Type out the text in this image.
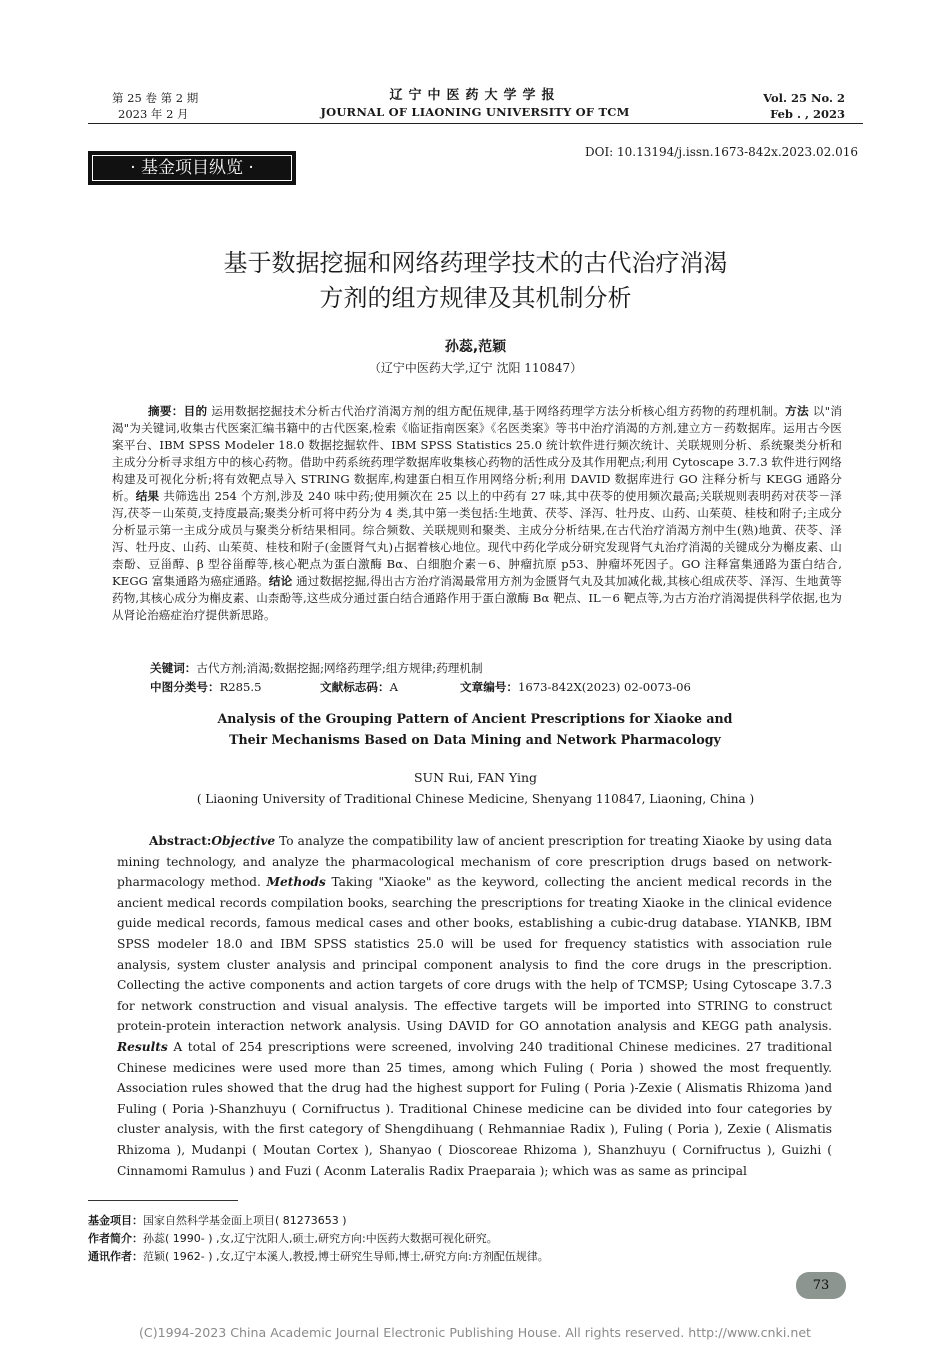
第 25 卷 第 2 期
2023 年 2 月
辽宁中医药大学学报
JOURNAL OF LIAONING UNIVERSITY OF TCM
Vol. 25 No. 2
Feb . , 2023
· 基金项目纵览 ·
DOI: 10.13194/j.issn.1673-842x.2023.02.016
基于数据挖掘和网络药理学技术的古代治疗消渴
方剂的组方规律及其机制分析
孙蕊,范颖
（辽宁中医药大学,辽宁 沈阳 110847）
摘要：目的 运用数据挖掘技术分析古代治疗消渴方剂的组方配伍规律,基于网络药理学方法分析核心组方药物的药理机制。方法 以"消渴"为关键词,收集古代医案汇编书籍中的古代医案,检索《临证指南医案》《名医类案》等书中治疗消渴的方剂,建立方－药数据库。运用古今医案平台、IBM SPSS Modeler 18.0 数据挖掘软件、IBM SPSS Statistics 25.0 统计软件进行频次统计、关联规则分析、系统聚类分析和主成分分析寻求组方中的核心药物。借助中药系统药理学数据库收集核心药物的活性成分及其作用靶点;利用 Cytoscape 3.7.3 软件进行网络构建及可视化分析;将有效靶点导入 STRING 数据库,构建蛋白相互作用网络分析;利用 DAVID 数据库进行 GO 注释分析与 KEGG 通路分析。结果 共筛选出 254 个方剂,涉及 240 味中药;使用频次在 25 以上的中药有 27 味,其中茯苓的使用频次最高;关联规则表明药对茯苓－泽泻,茯苓－山茱萸,支持度最高;聚类分析可将中药分为 4 类,其中第一类包括:生地黄、茯苓、泽泻、牡丹皮、山药、山茱萸、桂枝和附子;主成分分析显示第一主成分成员与聚类分析结果相同。综合频数、关联规则和聚类、主成分分析结果,在古代治疗消渴方剂中生(熟)地黄、茯苓、泽泻、牡丹皮、山药、山茱萸、桂枝和附子(金匮肾气丸)占据着核心地位。现代中药化学成分研究发现肾气丸治疗消渴的关键成分为槲皮素、山柰酚、豆甾醇、β 型谷甾醇等,核心靶点为蛋白激酶 Bα、白细胞介素－6、肿瘤抗原 p53、肿瘤坏死因子。GO 注释富集通路为蛋白结合, KEGG 富集通路为癌症通路。结论 通过数据挖掘,得出古方治疗消渴最常用方剂为金匮肾气丸及其加减化裁,其核心组成茯苓、泽泻、生地黄等药物,其核心成分为槲皮素、山柰酚等,这些成分通过蛋白结合通路作用于蛋白激酶 Bα 靶点、IL－6 靶点等,为古方治疗消渴提供科学依据,也为从肾论治癌症治疗提供新思路。
关键词：古代方剂;消渴;数据挖掘;网络药理学;组方规律;药理机制
中图分类号：R285.5	文献标志码：A	文章编号：1673-842X(2023) 02-0073-06
Analysis of the Grouping Pattern of Ancient Prescriptions for Xiaoke and
Their Mechanisms Based on Data Mining and Network Pharmacology
SUN Rui, FAN Ying
( Liaoning University of Traditional Chinese Medicine, Shenyang 110847, Liaoning, China )

Abstract:Objective To analyze the compatibility law of ancient prescription for treating Xiaoke by using data mining technology, and analyze the pharmacological mechanism of core prescription drugs based on network-pharmacology method. Methods Taking "Xiaoke" as the keyword, collecting the ancient medical records in the ancient medical records compilation books, searching the prescriptions for treating Xiaoke in the clinical evidence guide medical records, famous medical cases and other books, establishing a cubic-drug database. YIANKB, IBM SPSS modeler 18.0 and IBM SPSS statistics 25.0 will be used for frequency statistics with association rule analysis, system cluster analysis and principal component analysis to find the core drugs in the prescription. Collecting the active components and action targets of core drugs with the help of TCMSP; Using Cytoscape 3.7.3 for network construction and visual analysis. The effective targets will be imported into STRING to construct protein-protein interaction network analysis. Using DAVID for GO annotation analysis and KEGG path analysis. Results A total of 254 prescriptions were screened, involving 240 traditional Chinese medicines. 27 traditional Chinese medicines were used more than 25 times, among which Fuling ( Poria ) showed the most frequently. Association rules showed that the drug had the highest support for Fuling ( Poria )-Zexie ( Alismatis Rhizoma )and Fuling ( Poria )-Shanzhuyu ( Cornifructus ). Traditional Chinese medicine can be divided into four categories by cluster analysis, with the first category of Shengdihuang ( Rehmanniae Radix ), Fuling ( Poria ), Zexie ( Alismatis Rhizoma ), Mudanpi ( Moutan Cortex ), Shanyao ( Dioscoreae Rhizoma ), Shanzhuyu ( Cornifructus ), Guizhi ( Cinnamomi Ramulus ) and Fuzi ( Aconm Lateralis Radix Praeparaia ); which was as same as principal

基金项目：国家自然科学基金面上项目( 81273653 )
作者简介：孙蕊( 1990- ) ,女,辽宁沈阳人,硕士,研究方向:中医药大数据可视化研究。
通讯作者：范颖( 1962- ) ,女,辽宁本溪人,教授,博士研究生导师,博士,研究方向:方剂配伍规律。
73
(C)1994-2023 China Academic Journal Electronic Publishing House. All rights reserved. http://www.cnki.net
